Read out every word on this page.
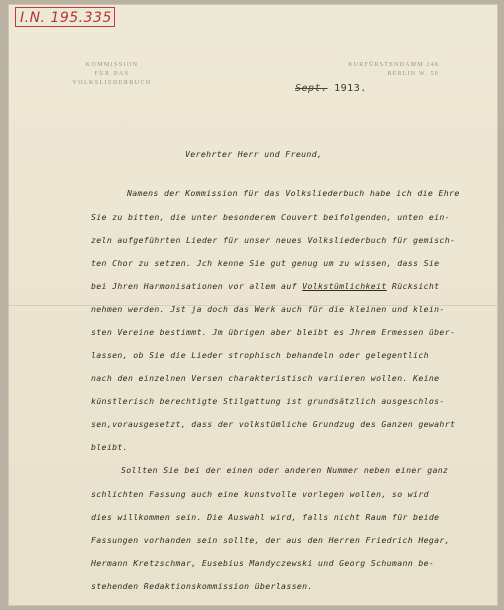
I.N. 195.335
KOMMISSION
FÜR DAS
VOLKSLIEDERBUCH
KURFÜRSTENDAMM 248
BERLIN W. 50
Sept. 1913.

Verehrter Herr und Freund,

Namens der Kommission für das Volksliederbuch habe ich die Ehre

Sie zu bitten, die unter besonderem Couvert beifolgenden, unten ein-

zeln aufgeführten Lieder für unser neues Volksliederbuch für gemisch-

ten Chor zu setzen. Jch kenne Sie gut genug um zu wissen, dass Sie

bei Jhren Harmonisationen vor allem auf Volkstümlichkeit Rücksicht

nehmen werden. Jst ja doch das Werk auch für die kleinen und klein-

sten Vereine bestimmt. Jm übrigen aber bleibt es Jhrem Ermessen über-

lassen, ob Sie die Lieder strophisch behandeln oder gelegentlich

nach den einzelnen Versen charakteristisch variieren wollen. Keine

künstlerisch berechtigte Stilgattung ist grundsätzlich ausgeschlos-

sen,vorausgesetzt, dass der volkstümliche Grundzug des Ganzen gewahrt

bleibt.

Sollten Sie bei der einen oder anderen Nummer neben einer ganz

schlichten Fassung auch eine kunstvolle vorlegen wollen, so wird

dies willkommen sein. Die Auswahl wird, falls nicht Raum für beide

Fassungen vorhanden sein sollte, der aus den Herren Friedrich Hegar,

Hermann Kretzschmar, Eusebius Mandyczewski und Georg Schumann be-

stehenden Redaktionskommission überlassen.
